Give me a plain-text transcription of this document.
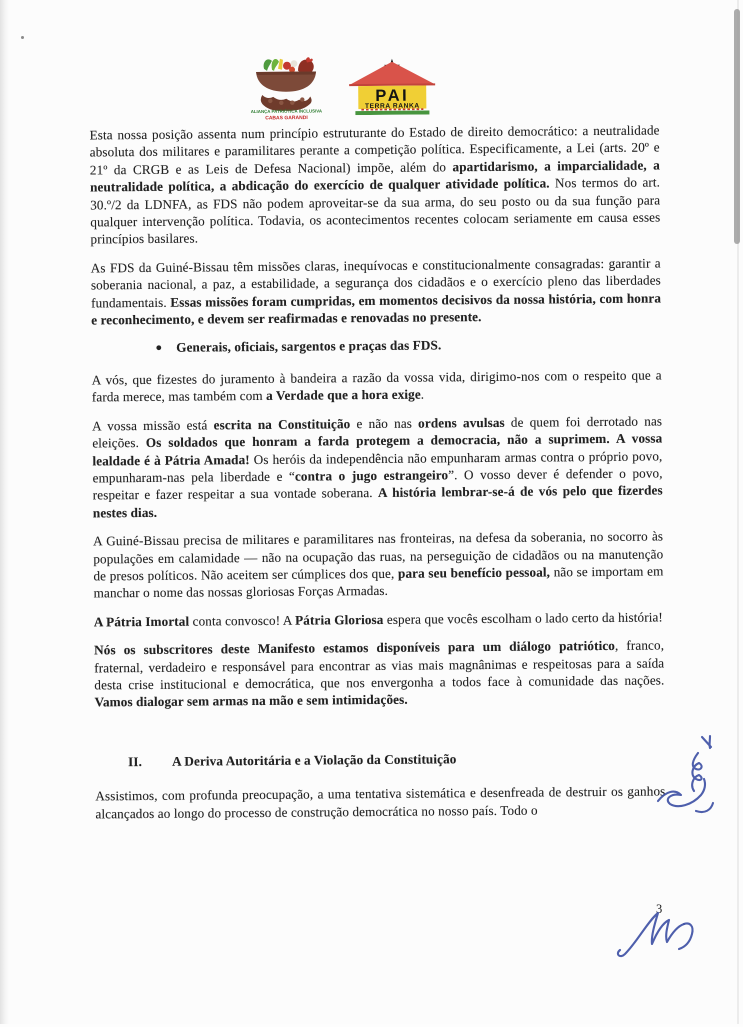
ALIANÇA PATRIÓTICA INCLUSIVA
CABAS GARANDI
PAI
TERRA RANKA

Esta nossa posição assenta num princípio estruturante do Estado de direito democrático: a neutralidade absoluta dos militares e paramilitares perante a competição política. Especificamente, a Lei (arts. 20º e 21º da CRGB e as Leis de Defesa Nacional) impõe, além do apartidarismo, a imparcialidade, a neutralidade política, a abdicação do exercício de qualquer atividade política. Nos termos do art. 30.º/2 da LDNFA, as FDS não podem aproveitar-se da sua arma, do seu posto ou da sua função para qualquer intervenção política. Todavia, os acontecimentos recentes colocam seriamente em causa esses princípios basilares.

As FDS da Guiné-Bissau têm missões claras, inequívocas e constitucionalmente consagradas: garantir a soberania nacional, a paz, a estabilidade, a segurança dos cidadãos e o exercício pleno das liberdades fundamentais. Essas missões foram cumpridas, em momentos decisivos da nossa história, com honra e reconhecimento, e devem ser reafirmadas e renovadas no presente.

● Generais, oficiais, sargentos e praças das FDS.

A vós, que fizestes do juramento à bandeira a razão da vossa vida, dirigimo-nos com o respeito que a farda merece, mas também com a Verdade que a hora exige.

A vossa missão está escrita na Constituição e não nas ordens avulsas de quem foi derrotado nas eleições. Os soldados que honram a farda protegem a democracia, não a suprimem. A vossa lealdade é à Pátria Amada! Os heróis da independência não empunharam armas contra o próprio povo, empunharam-nas pela liberdade e “contra o jugo estrangeiro”. O vosso dever é defender o povo, respeitar e fazer respeitar a sua vontade soberana. A história lembrar-se-á de vós pelo que fizerdes nestes dias.

A Guiné-Bissau precisa de militares e paramilitares nas fronteiras, na defesa da soberania, no socorro às populações em calamidade — não na ocupação das ruas, na perseguição de cidadãos ou na manutenção de presos políticos. Não aceitem ser cúmplices dos que, para seu benefício pessoal, não se importam em manchar o nome das nossas gloriosas Forças Armadas.

A Pátria Imortal conta convosco! A Pátria Gloriosa espera que vocês escolham o lado certo da história!

Nós os subscritores deste Manifesto estamos disponíveis para um diálogo patriótico, franco, fraternal, verdadeiro e responsável para encontrar as vias mais magnânimas e respeitosas para a saída desta crise institucional e democrática, que nos envergonha a todos face à comunidade das nações. Vamos dialogar sem armas na mão e sem intimidações.

II.	A Deriva Autoritária e a Violação da Constituição

Assistimos, com profunda preocupação, a uma tentativa sistemática e desenfreada de destruir os ganhos alcançados ao longo do processo de construção democrática no nosso país. Todo o

3
